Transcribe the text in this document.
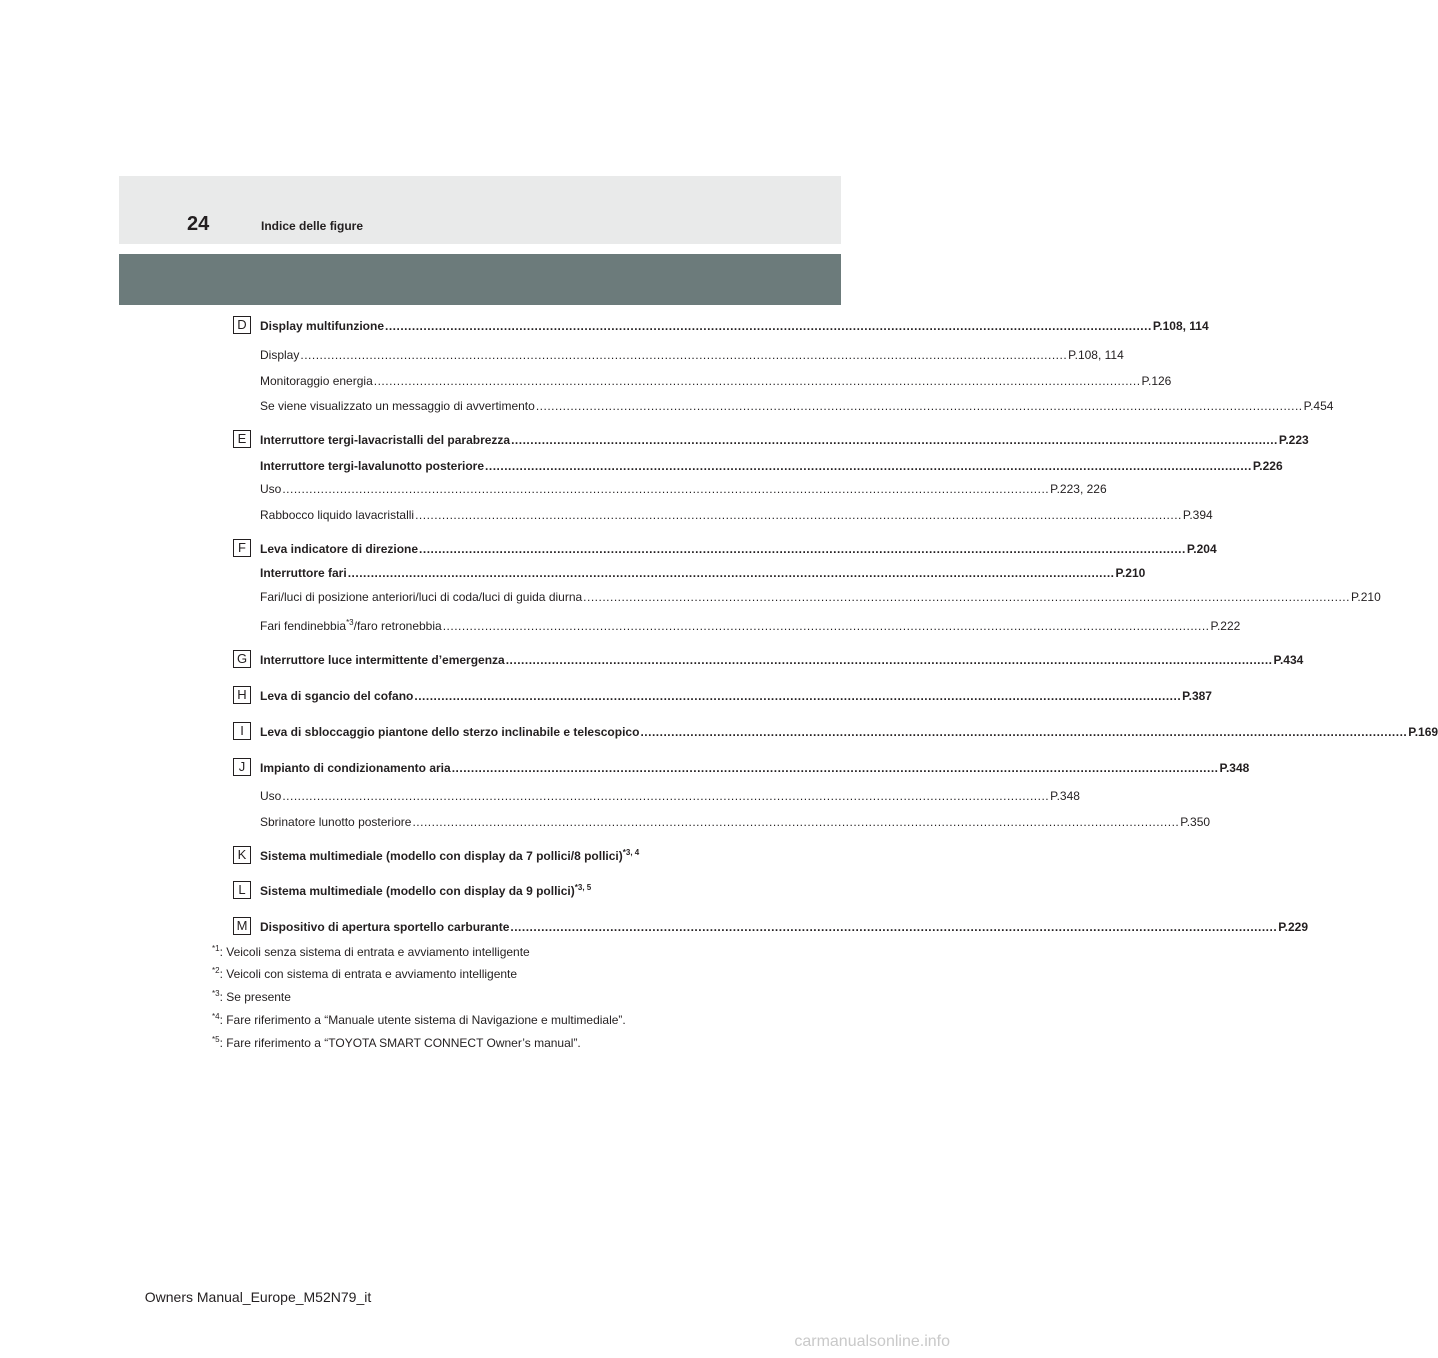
24	Indice delle figure
D	Display multifunzione ........................................................................................................................................................................................................ P.108, 114
Display ........................................................................................................................................................................................................ P.108, 114
Monitoraggio energia ........................................................................................................................................................................................................ P.126
Se viene visualizzato un messaggio di avvertimento ........................................................................................................................................................................................................ P.454
E	Interruttore tergi-lavacristalli del parabrezza ........................................................................................................................................................................................................ P.223
Interruttore tergi-lavalunotto posteriore ........................................................................................................................................................................................................ P.226
Uso ........................................................................................................................................................................................................ P.223, 226
Rabbocco liquido lavacristalli ........................................................................................................................................................................................................ P.394
F	Leva indicatore di direzione ........................................................................................................................................................................................................ P.204
Interruttore fari ........................................................................................................................................................................................................ P.210
Fari/luci di posizione anteriori/luci di coda/luci di guida diurna ........................................................................................................................................................................................................ P.210
Fari fendinebbia$^{*3}$/faro retronebbia ........................................................................................................................................................................................................ P.222
G	Interruttore luce intermittente d’emergenza ........................................................................................................................................................................................................ P.434
H	Leva di sgancio del cofano ........................................................................................................................................................................................................ P.387
I	Leva di sbloccaggio piantone dello sterzo inclinabile e telescopico ........................................................................................................................................................................................................ P.169
J	Impianto di condizionamento aria ........................................................................................................................................................................................................ P.348
Uso ........................................................................................................................................................................................................ P.348
Sbrinatore lunotto posteriore ........................................................................................................................................................................................................ P.350
K	Sistema multimediale (modello con display da 7 pollici/8 pollici)$^{*3, 4}$
L	Sistema multimediale (modello con display da 9 pollici)$^{*3, 5}$
M Dispositivo di apertura sportello carburante ........................................................................................................................................................................................................ P.229
$^{*1}$: Veicoli senza sistema di entrata e avviamento intelligente
$^{*2}$: Veicoli con sistema di entrata e avviamento intelligente
$^{*3}$: Se presente
$^{*4}$: Fare riferimento a “Manuale utente sistema di Navigazione e multimediale”.
$^{*5}$: Fare riferimento a “TOYOTA SMART CONNECT Owner’s manual”.
Owners Manual_Europe_M52N79_it
carmanualsonline.info
